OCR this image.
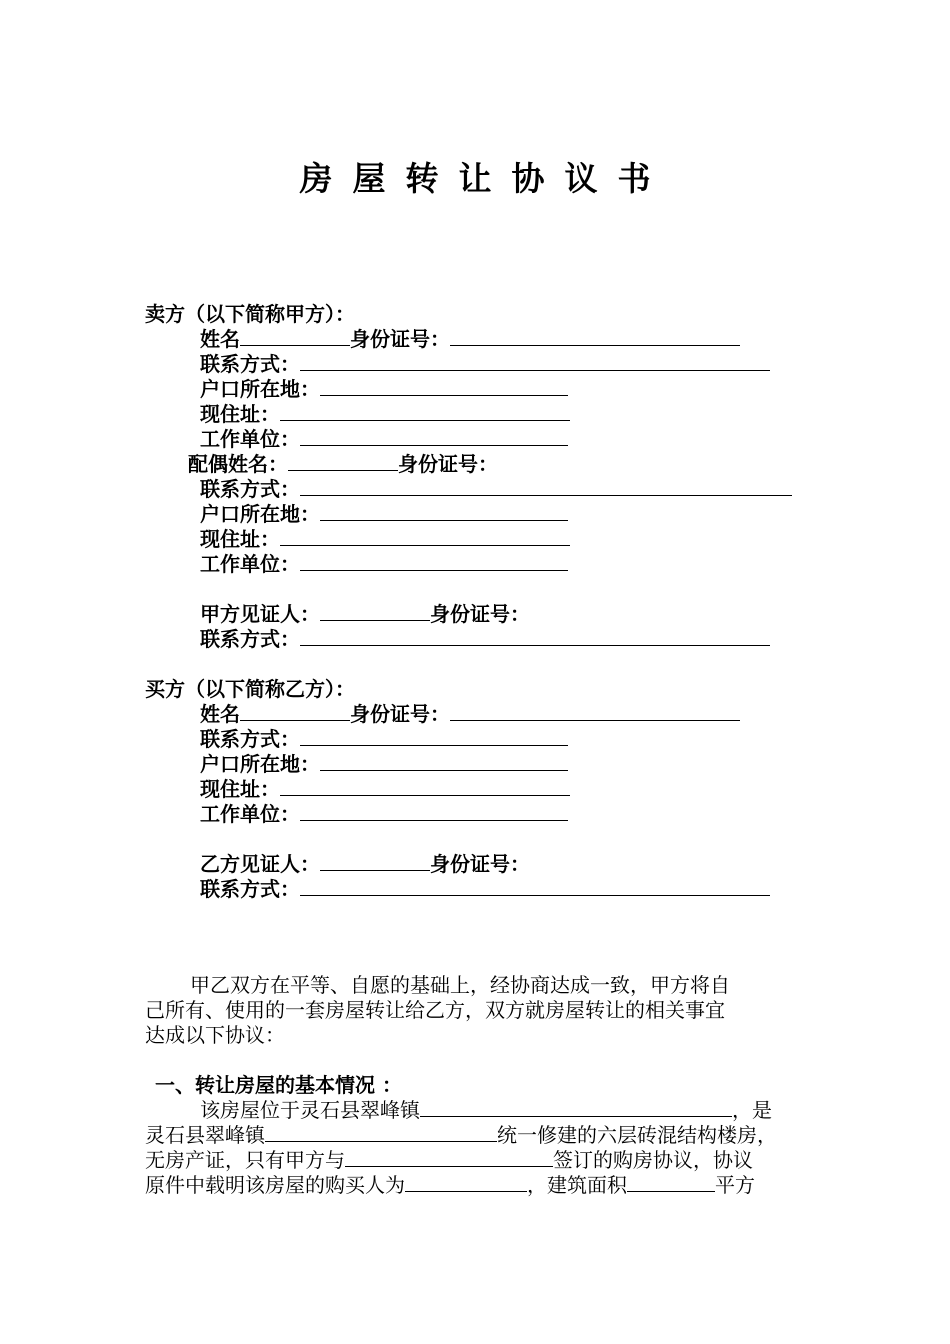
房屋转让协议书
卖方（以下简称甲方）：
姓名	身份证号：
联系方式：
户口所在地：
现住址：
工作单位：
配偶姓名：	身份证号：
联系方式：
户口所在地：
现住址：
工作单位：
甲方见证人：	身份证号：
联系方式：
买方（以下简称乙方）：
姓名	身份证号：
联系方式：
户口所在地：
现住址：
工作单位：
乙方见证人：	身份证号：
联系方式：
甲乙双方在平等、自愿的基础上，经协商达成一致，甲方将自
己所有、使用的一套房屋转让给乙方，双方就房屋转让的相关事宜
达成以下协议：
一、转让房屋的基本情况 ：
该房屋位于灵石县翠峰镇	，是
灵石县翠峰镇	统一修建的六层砖混结构楼房，
无房产证，只有甲方与	签订的购房协议，协议
原件中载明该房屋的购买人为	，建筑面积	平方
